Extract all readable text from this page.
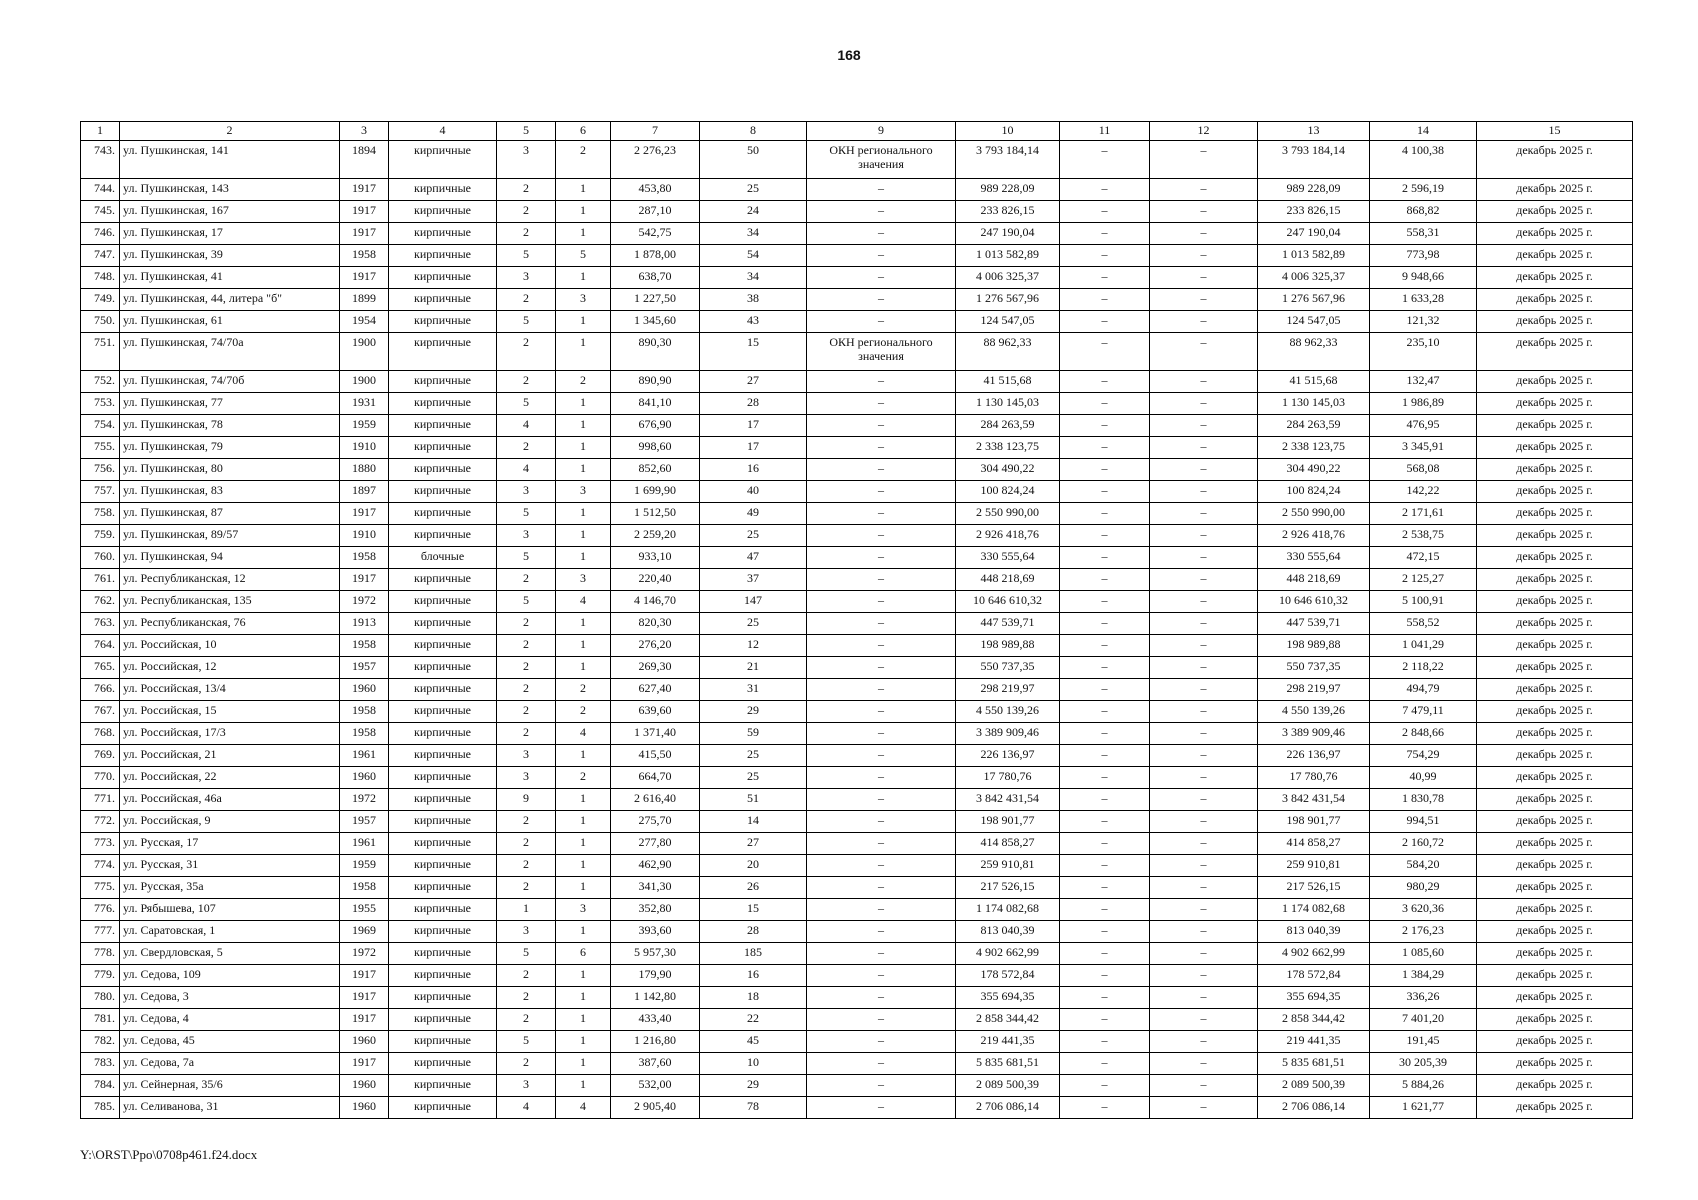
168
1	2	3	4	5	6	7	8	9	10	11	12	13	14	15
743.	ул. Пушкинская, 141	1894	кирпичные	3	2	2 276,23	50	ОКН регионального значения	3 793 184,14	–	–	3 793 184,14	4 100,38	декабрь 2025 г.
744.	ул. Пушкинская, 143	1917	кирпичные	2	1	453,80	25	–	989 228,09	–	–	989 228,09	2 596,19	декабрь 2025 г.
745.	ул. Пушкинская, 167	1917	кирпичные	2	1	287,10	24	–	233 826,15	–	–	233 826,15	868,82	декабрь 2025 г.
746.	ул. Пушкинская, 17	1917	кирпичные	2	1	542,75	34	–	247 190,04	–	–	247 190,04	558,31	декабрь 2025 г.
747.	ул. Пушкинская, 39	1958	кирпичные	5	5	1 878,00	54	–	1 013 582,89	–	–	1 013 582,89	773,98	декабрь 2025 г.
748.	ул. Пушкинская, 41	1917	кирпичные	3	1	638,70	34	–	4 006 325,37	–	–	4 006 325,37	9 948,66	декабрь 2025 г.
749.	ул. Пушкинская, 44, литера "б"	1899	кирпичные	2	3	1 227,50	38	–	1 276 567,96	–	–	1 276 567,96	1 633,28	декабрь 2025 г.
750.	ул. Пушкинская, 61	1954	кирпичные	5	1	1 345,60	43	–	124 547,05	–	–	124 547,05	121,32	декабрь 2025 г.
751.	ул. Пушкинская, 74/70а	1900	кирпичные	2	1	890,30	15	ОКН регионального значения	88 962,33	–	–	88 962,33	235,10	декабрь 2025 г.
752.	ул. Пушкинская, 74/70б	1900	кирпичные	2	2	890,90	27	–	41 515,68	–	–	41 515,68	132,47	декабрь 2025 г.
753.	ул. Пушкинская, 77	1931	кирпичные	5	1	841,10	28	–	1 130 145,03	–	–	1 130 145,03	1 986,89	декабрь 2025 г.
754.	ул. Пушкинская, 78	1959	кирпичные	4	1	676,90	17	–	284 263,59	–	–	284 263,59	476,95	декабрь 2025 г.
755.	ул. Пушкинская, 79	1910	кирпичные	2	1	998,60	17	–	2 338 123,75	–	–	2 338 123,75	3 345,91	декабрь 2025 г.
756.	ул. Пушкинская, 80	1880	кирпичные	4	1	852,60	16	–	304 490,22	–	–	304 490,22	568,08	декабрь 2025 г.
757.	ул. Пушкинская, 83	1897	кирпичные	3	3	1 699,90	40	–	100 824,24	–	–	100 824,24	142,22	декабрь 2025 г.
758.	ул. Пушкинская, 87	1917	кирпичные	5	1	1 512,50	49	–	2 550 990,00	–	–	2 550 990,00	2 171,61	декабрь 2025 г.
759.	ул. Пушкинская, 89/57	1910	кирпичные	3	1	2 259,20	25	–	2 926 418,76	–	–	2 926 418,76	2 538,75	декабрь 2025 г.
760.	ул. Пушкинская, 94	1958	блочные	5	1	933,10	47	–	330 555,64	–	–	330 555,64	472,15	декабрь 2025 г.
761.	ул. Республиканская, 12	1917	кирпичные	2	3	220,40	37	–	448 218,69	–	–	448 218,69	2 125,27	декабрь 2025 г.
762.	ул. Республиканская, 135	1972	кирпичные	5	4	4 146,70	147	–	10 646 610,32	–	–	10 646 610,32	5 100,91	декабрь 2025 г.
763.	ул. Республиканская, 76	1913	кирпичные	2	1	820,30	25	–	447 539,71	–	–	447 539,71	558,52	декабрь 2025 г.
764.	ул. Российская, 10	1958	кирпичные	2	1	276,20	12	–	198 989,88	–	–	198 989,88	1 041,29	декабрь 2025 г.
765.	ул. Российская, 12	1957	кирпичные	2	1	269,30	21	–	550 737,35	–	–	550 737,35	2 118,22	декабрь 2025 г.
766.	ул. Российская, 13/4	1960	кирпичные	2	2	627,40	31	–	298 219,97	–	–	298 219,97	494,79	декабрь 2025 г.
767.	ул. Российская, 15	1958	кирпичные	2	2	639,60	29	–	4 550 139,26	–	–	4 550 139,26	7 479,11	декабрь 2025 г.
768.	ул. Российская, 17/3	1958	кирпичные	2	4	1 371,40	59	–	3 389 909,46	–	–	3 389 909,46	2 848,66	декабрь 2025 г.
769.	ул. Российская, 21	1961	кирпичные	3	1	415,50	25	–	226 136,97	–	–	226 136,97	754,29	декабрь 2025 г.
770.	ул. Российская, 22	1960	кирпичные	3	2	664,70	25	–	17 780,76	–	–	17 780,76	40,99	декабрь 2025 г.
771.	ул. Российская, 46а	1972	кирпичные	9	1	2 616,40	51	–	3 842 431,54	–	–	3 842 431,54	1 830,78	декабрь 2025 г.
772.	ул. Российская, 9	1957	кирпичные	2	1	275,70	14	–	198 901,77	–	–	198 901,77	994,51	декабрь 2025 г.
773.	ул. Русская, 17	1961	кирпичные	2	1	277,80	27	–	414 858,27	–	–	414 858,27	2 160,72	декабрь 2025 г.
774.	ул. Русская, 31	1959	кирпичные	2	1	462,90	20	–	259 910,81	–	–	259 910,81	584,20	декабрь 2025 г.
775.	ул. Русская, 35а	1958	кирпичные	2	1	341,30	26	–	217 526,15	–	–	217 526,15	980,29	декабрь 2025 г.
776.	ул. Рябышева, 107	1955	кирпичные	1	3	352,80	15	–	1 174 082,68	–	–	1 174 082,68	3 620,36	декабрь 2025 г.
777.	ул. Саратовская, 1	1969	кирпичные	3	1	393,60	28	–	813 040,39	–	–	813 040,39	2 176,23	декабрь 2025 г.
778.	ул. Свердловская, 5	1972	кирпичные	5	6	5 957,30	185	–	4 902 662,99	–	–	4 902 662,99	1 085,60	декабрь 2025 г.
779.	ул. Седова, 109	1917	кирпичные	2	1	179,90	16	–	178 572,84	–	–	178 572,84	1 384,29	декабрь 2025 г.
780.	ул. Седова, 3	1917	кирпичные	2	1	1 142,80	18	–	355 694,35	–	–	355 694,35	336,26	декабрь 2025 г.
781.	ул. Седова, 4	1917	кирпичные	2	1	433,40	22	–	2 858 344,42	–	–	2 858 344,42	7 401,20	декабрь 2025 г.
782.	ул. Седова, 45	1960	кирпичные	5	1	1 216,80	45	–	219 441,35	–	–	219 441,35	191,45	декабрь 2025 г.
783.	ул. Седова, 7а	1917	кирпичные	2	1	387,60	10	–	5 835 681,51	–	–	5 835 681,51	30 205,39	декабрь 2025 г.
784.	ул. Сейнерная, 35/6	1960	кирпичные	3	1	532,00	29	–	2 089 500,39	–	–	2 089 500,39	5 884,26	декабрь 2025 г.
785.	ул. Селиванова, 31	1960	кирпичные	4	4	2 905,40	78	–	2 706 086,14	–	–	2 706 086,14	1 621,77	декабрь 2025 г.
Y:\ORST\Ppo\0708p461.f24.docx
